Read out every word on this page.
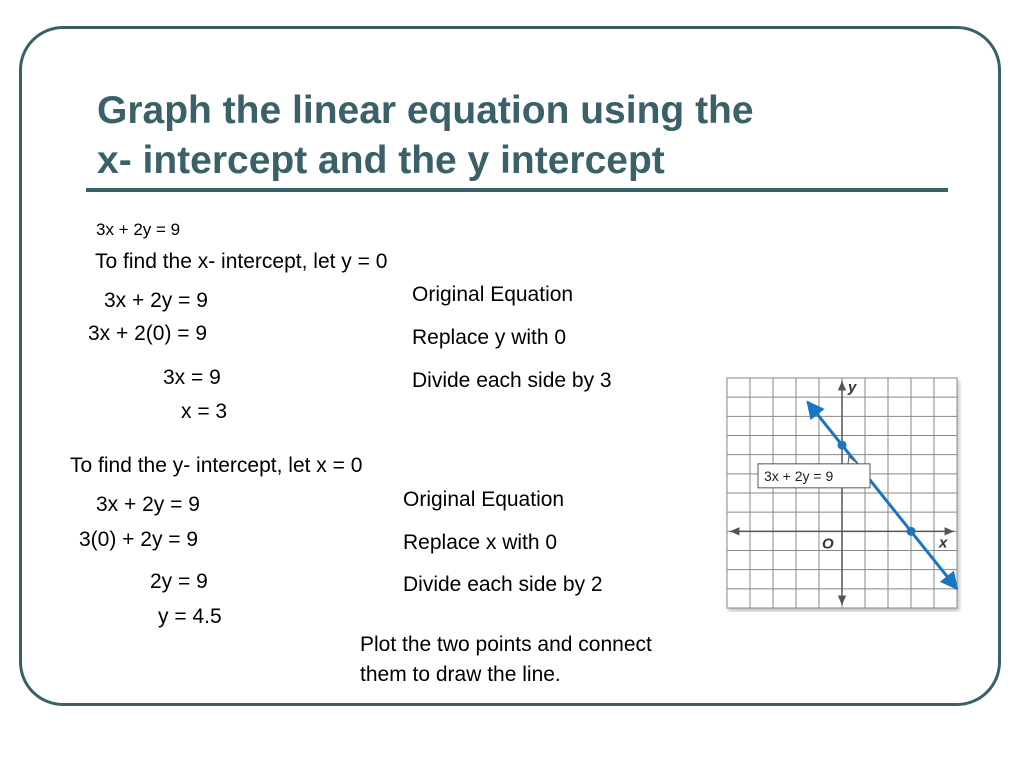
Graph the linear equation using the
x- intercept and the y intercept
3x + 2y = 9
To find the x- intercept, let y = 0
3x + 2y = 9
3x + 2(0) = 9
3x = 9
x = 3
Original Equation
Replace y with 0
Divide each side by 3
To find the y- intercept, let x = 0
3x + 2y = 9
3(0) + 2y = 9
2y = 9
y = 4.5
Original Equation
Replace x with 0
Divide each side by 2
Plot the two points and connect
them to draw the line.
x
y
O
3x + 2y = 9
